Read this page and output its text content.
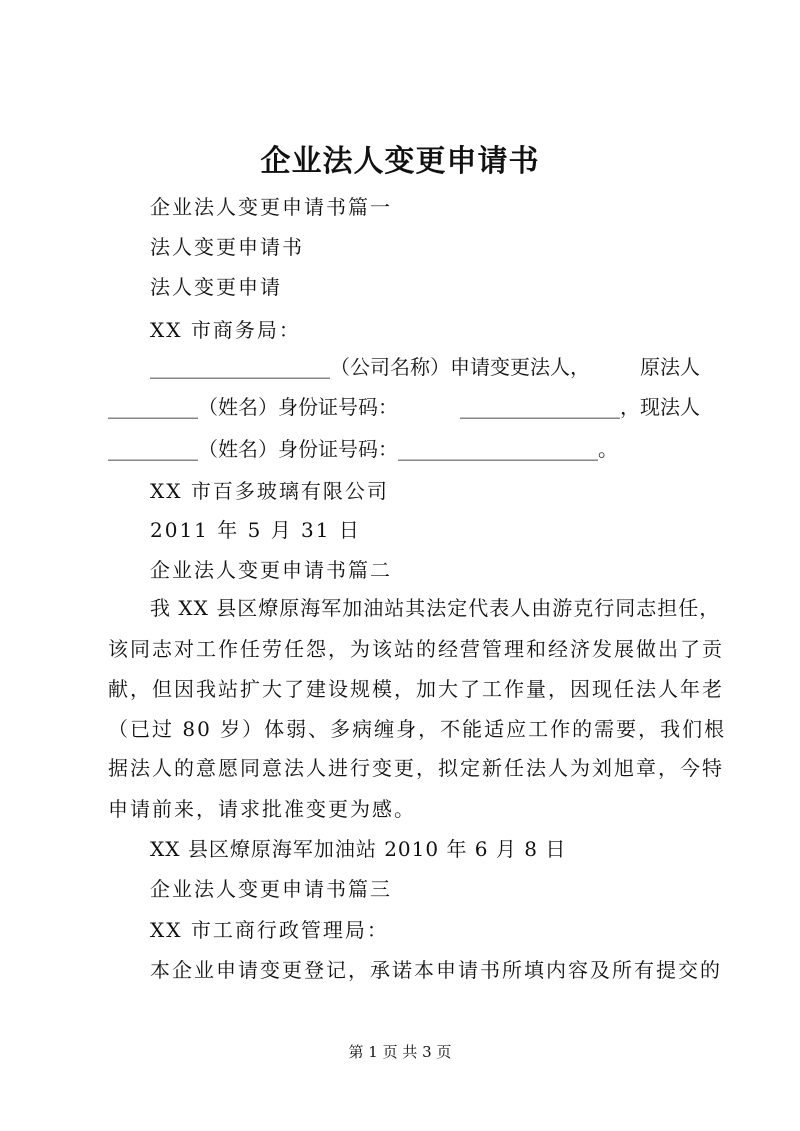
企业法人变更申请书
企业法人变更申请书篇一
法人变更申请书
法人变更申请
XX 市商务局：
__________________（公司名称）申请变更法人，	原法人
_________（姓名）身份证号码：	________________，现法人
_________（姓名）身份证号码：____________________。
XX 市百多玻璃有限公司
2011 年 5 月 31 日
企业法人变更申请书篇二
我 XX 县区燎原海军加油站其法定代表人由游克行同志担任，
该同志对工作任劳任怨，为该站的经营管理和经济发展做出了贡
献，但因我站扩大了建设规模，加大了工作量，因现任法人年老
（已过 80 岁）体弱、多病缠身，不能适应工作的需要，我们根
据法人的意愿同意法人进行变更，拟定新任法人为刘旭章，今特
申请前来，请求批准变更为感。
XX 县区燎原海军加油站 2010 年 6 月 8 日
企业法人变更申请书篇三
XX 市工商行政管理局：
本企业申请变更登记，承诺本申请书所填内容及所有提交的
第 1 页 共 3 页
